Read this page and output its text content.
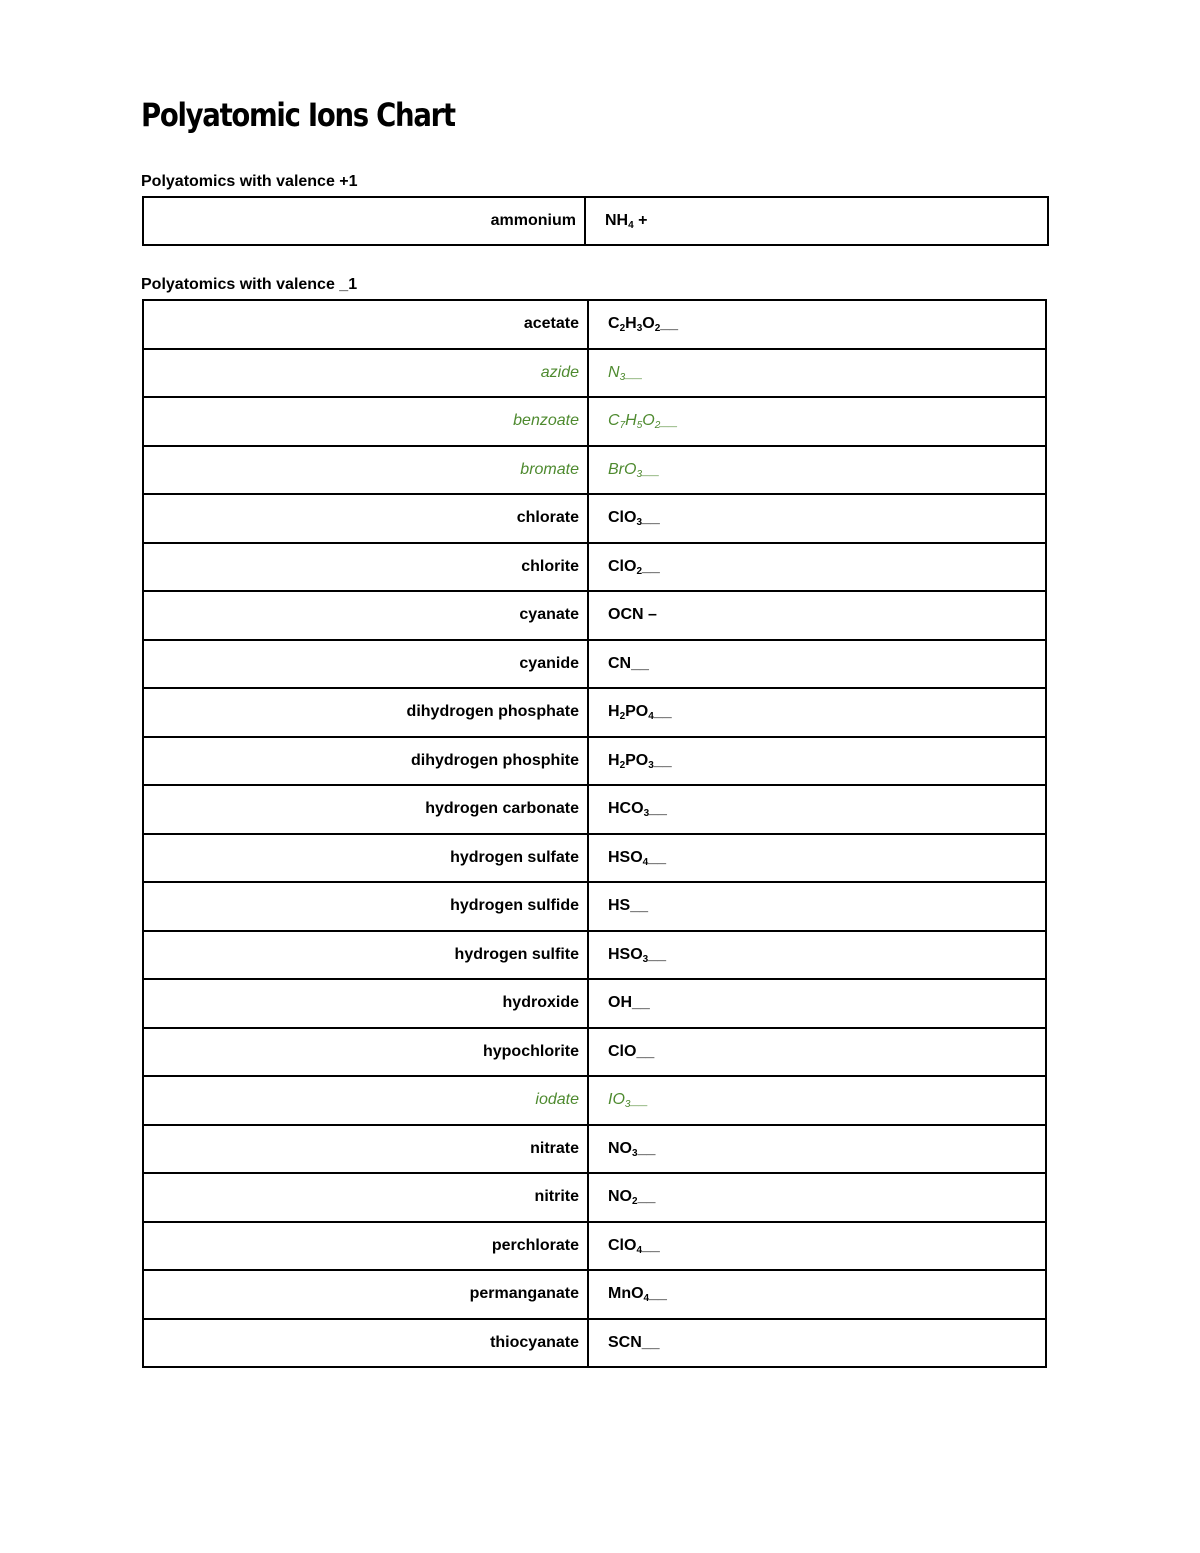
Polyatomic Ions Chart
Polyatomics with valence +1
ammonium	$NH_4$ +
Polyatomics with valence _1
acetate	$C_2H_3O_2\_\_$
azide	$N_3\_\_$
benzoate	$C_7H_5O_2\_\_$
bromate	BrO$_3$__
chlorate	ClO$_3$__
chlorite	ClO$_2$__
cyanate	OCN –
cyanide	CN__
dihydrogen phosphate	$H_2PO_4\_\_$
dihydrogen phosphite	$H_2PO_3\_\_$
hydrogen carbonate	$HCO_3\_\_$
hydrogen sulfate	$HSO_4\_\_$
hydrogen sulfide	HS__
hydrogen sulfite	$HSO_3\_\_$
hydroxide	OH__
hypochlorite	ClO__
iodate	$IO_3\_\_$
nitrate	$NO_3\_\_$
nitrite	$NO_2\_\_$
perchlorate	ClO$_4$__
permanganate	MnO$_4$__
thiocyanate	SCN__
